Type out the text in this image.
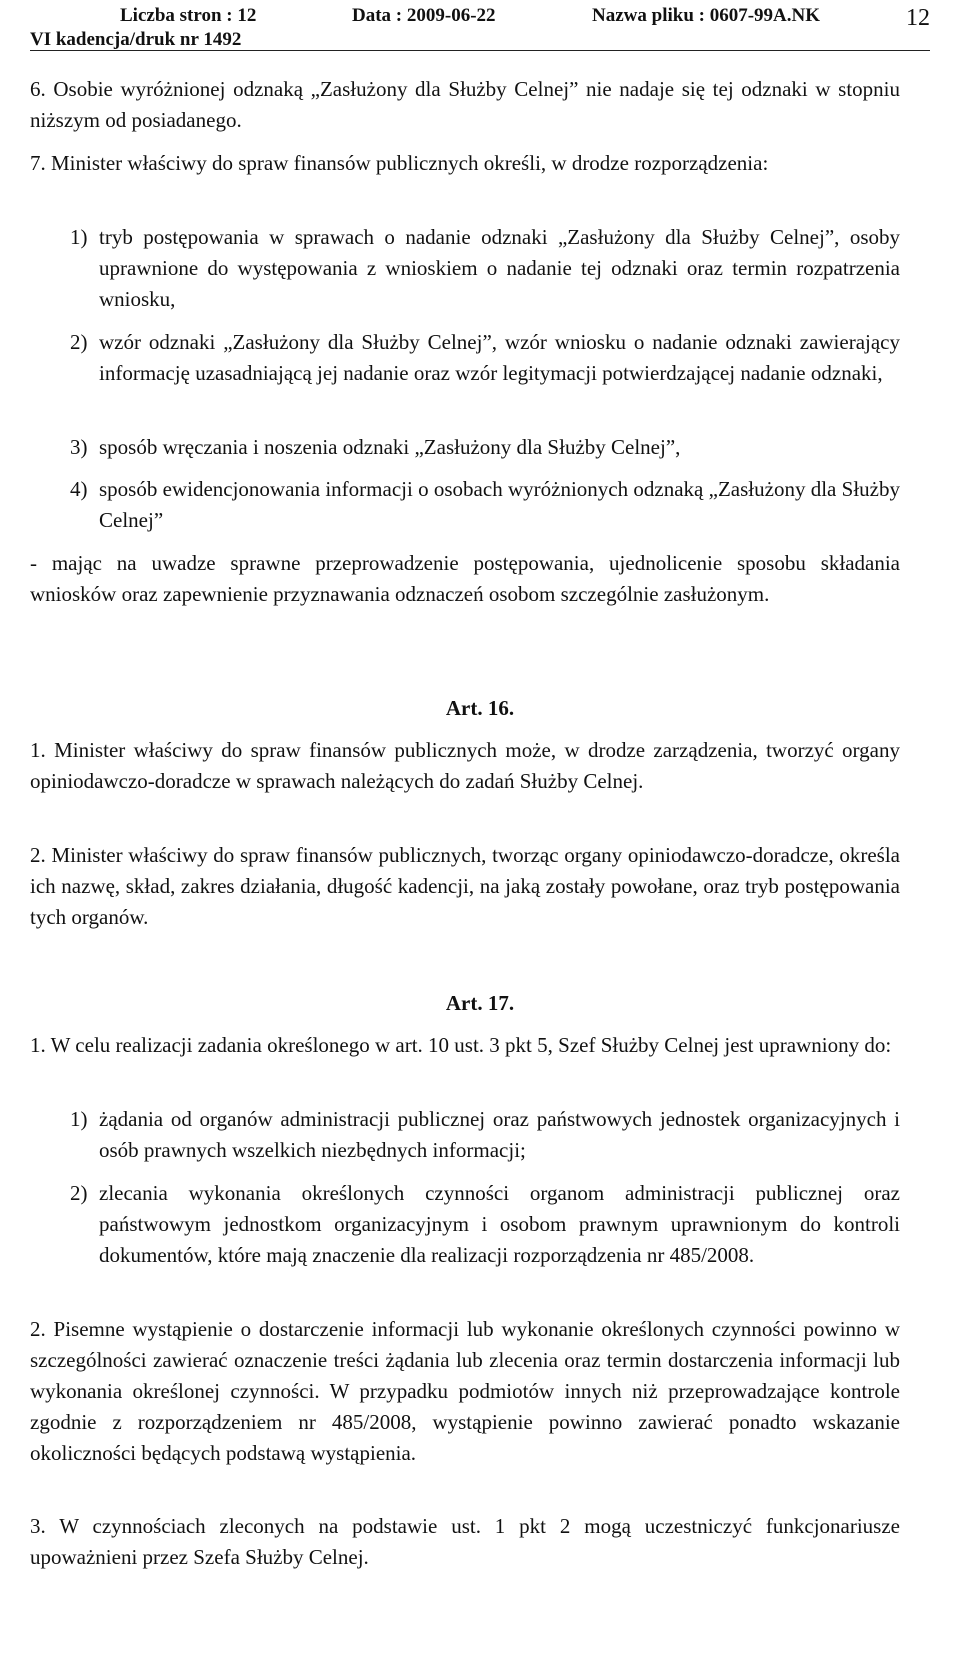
Liczba stron : 12	Data : 2009-06-22	Nazwa pliku : 0607-99A.NK
VI kadencja/druk nr 1492
12

6. Osobie wyróżnionej odznaką „Zasłużony dla Służby Celnej” nie nadaje się tej odznaki w stopniu niższym od posiadanego.

7. Minister właściwy do spraw finansów publicznych określi, w drodze rozporządzenia:

1) tryb postępowania w sprawach o nadanie odznaki „Zasłużony dla Służby Celnej”, osoby uprawnione do występowania z wnioskiem o nadanie tej odznaki oraz termin rozpatrzenia wniosku,

2) wzór odznaki „Zasłużony dla Służby Celnej”, wzór wniosku o nadanie odznaki zawierający informację uzasadniającą jej nadanie oraz wzór legitymacji potwierdzającej nadanie odznaki,

3) sposób wręczania i noszenia odznaki „Zasłużony dla Służby Celnej”,

4) sposób ewidencjonowania informacji o osobach wyróżnionych odznaką „Zasłużony dla Służby Celnej”

- mając na uwadze sprawne przeprowadzenie postępowania, ujednolicenie sposobu składania wniosków oraz zapewnienie przyznawania odznaczeń osobom szczególnie zasłużonym.

Art. 16.

1. Minister właściwy do spraw finansów publicznych może, w drodze zarządzenia, tworzyć organy opiniodawczo-doradcze w sprawach należących do zadań Służby Celnej.

2. Minister właściwy do spraw finansów publicznych, tworząc organy opiniodawczo-doradcze, określa ich nazwę, skład, zakres działania, długość kadencji, na jaką zostały powołane, oraz tryb postępowania tych organów.

Art. 17.

1. W celu realizacji zadania określonego w art. 10 ust. 3 pkt 5, Szef Służby Celnej jest uprawniony do:

1) żądania od organów administracji publicznej oraz państwowych jednostek organizacyjnych i osób prawnych wszelkich niezbędnych informacji;

2) zlecania wykonania określonych czynności organom administracji publicznej oraz państwowym jednostkom organizacyjnym i osobom prawnym uprawnionym do kontroli dokumentów, które mają znaczenie dla realizacji rozporządzenia nr 485/2008.

2. Pisemne wystąpienie o dostarczenie informacji lub wykonanie określonych czynności powinno w szczególności zawierać oznaczenie treści żądania lub zlecenia oraz termin dostarczenia informacji lub wykonania określonej czynności. W przypadku podmiotów innych niż przeprowadzające kontrole zgodnie z rozporządzeniem nr 485/2008, wystąpienie powinno zawierać ponadto wskazanie okoliczności będących podstawą wystąpienia.

3. W czynnościach zleconych na podstawie ust. 1 pkt 2 mogą uczestniczyć funkcjonariusze upoważnieni przez Szefa Służby Celnej.
